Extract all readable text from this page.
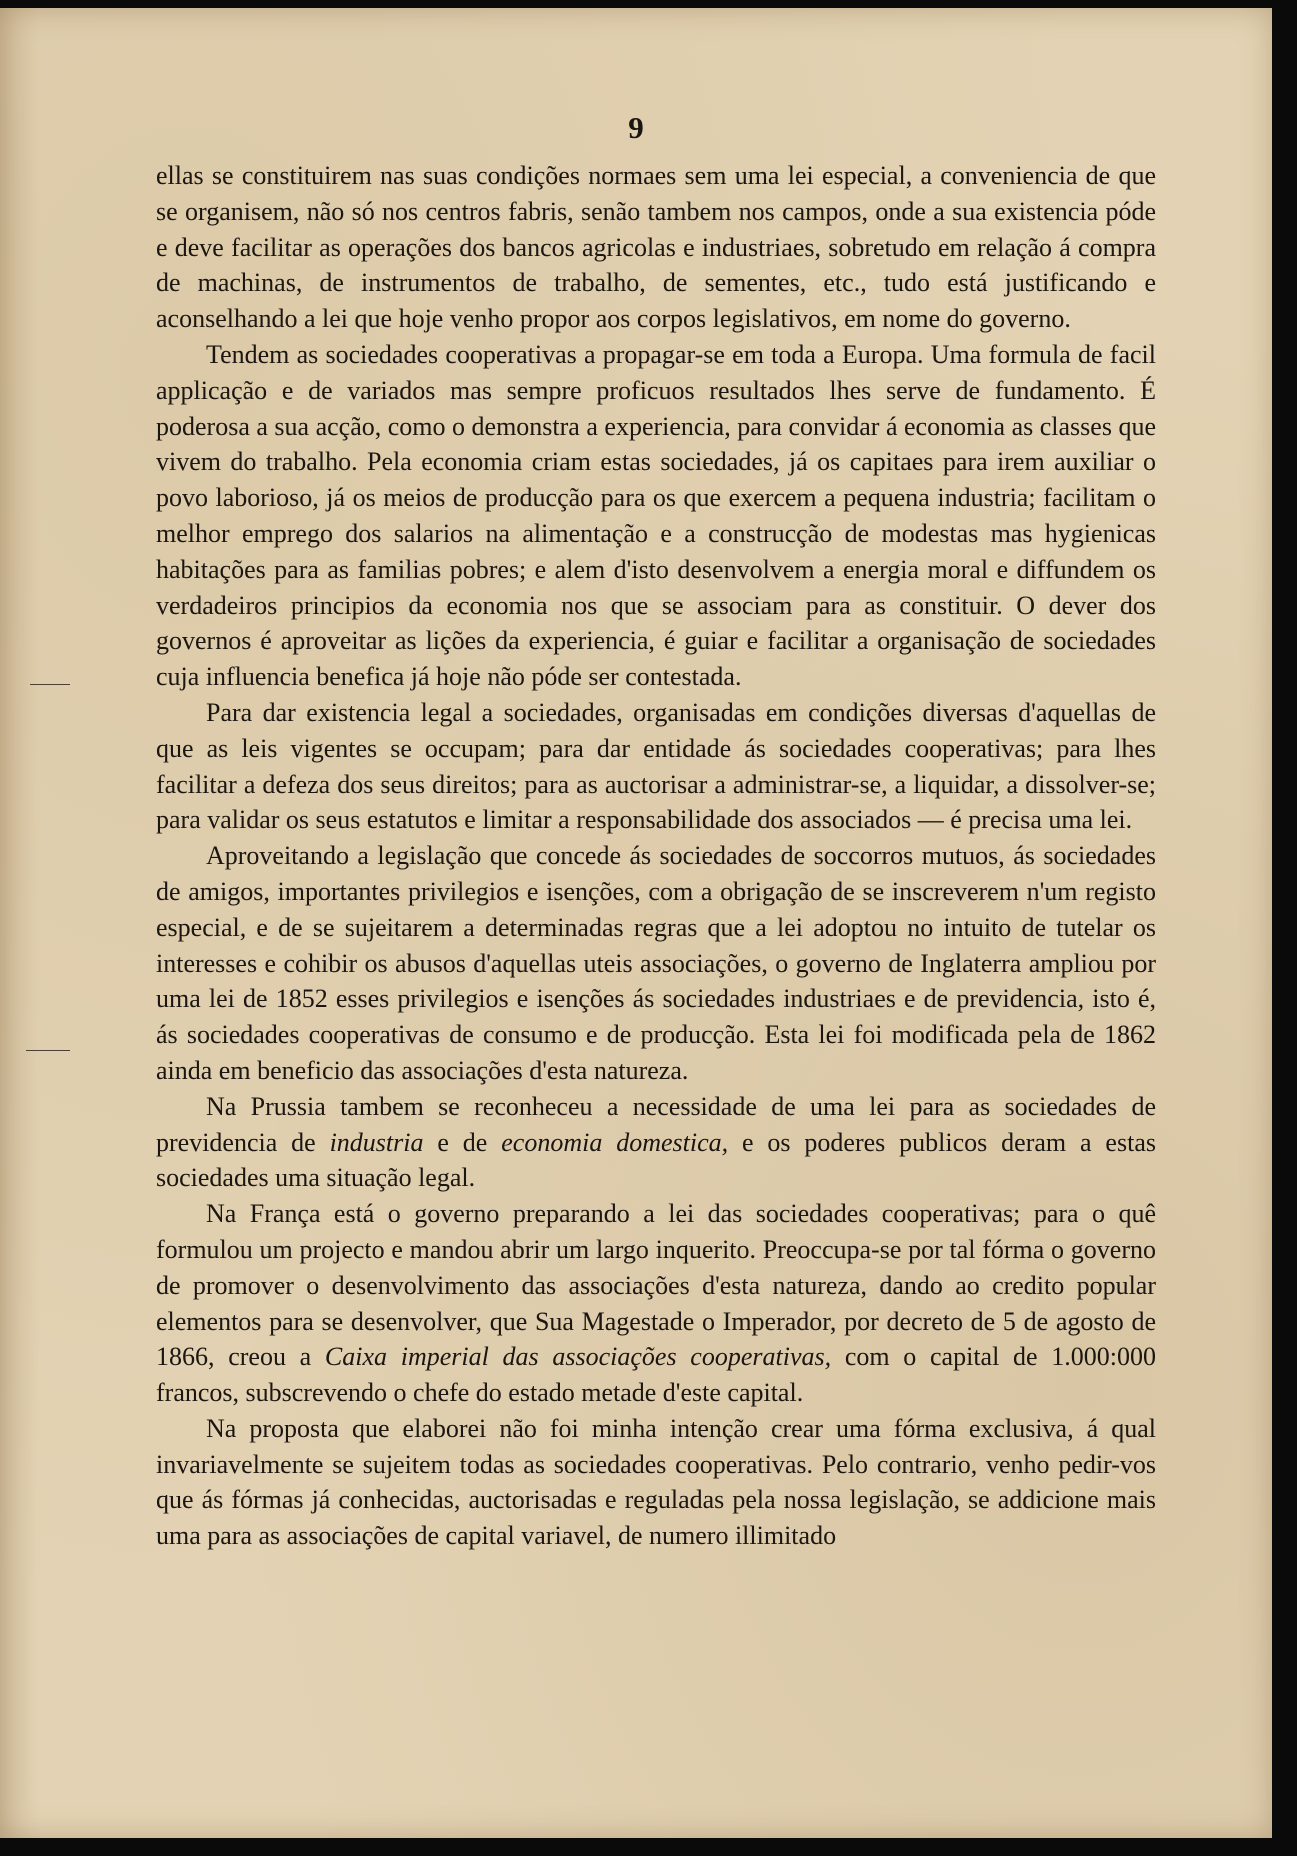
9

ellas se constituirem nas suas condições normaes sem uma lei especial, a conveniencia de que se organisem, não só nos centros fabris, senão tambem nos campos, onde a sua existencia póde e deve facilitar as operações dos bancos agricolas e industriaes, sobretudo em relação á compra de machinas, de instrumentos de trabalho, de sementes, etc., tudo está justificando e aconselhando a lei que hoje venho propor aos corpos legislativos, em nome do governo.

Tendem as sociedades cooperativas a propagar-se em toda a Europa. Uma formula de facil applicação e de variados mas sempre proficuos resultados lhes serve de fundamento. É poderosa a sua acção, como o demonstra a experiencia, para convidar á economia as classes que vivem do trabalho. Pela economia criam estas sociedades, já os capitaes para irem auxiliar o povo laborioso, já os meios de producção para os que exercem a pequena industria; facilitam o melhor emprego dos salarios na alimentação e a construcção de modestas mas hygienicas habitações para as familias pobres; e alem d'isto desenvolvem a energia moral e diffundem os verdadeiros principios da economia nos que se associam para as constituir. O dever dos governos é aproveitar as lições da experiencia, é guiar e facilitar a organisação de sociedades cuja influencia benefica já hoje não póde ser contestada.

Para dar existencia legal a sociedades, organisadas em condições diversas d'aquellas de que as leis vigentes se occupam; para dar entidade ás sociedades cooperativas; para lhes facilitar a defeza dos seus direitos; para as auctorisar a administrar-se, a liquidar, a dissolver-se; para validar os seus estatutos e limitar a responsabilidade dos associados — é precisa uma lei.

Aproveitando a legislação que concede ás sociedades de soccorros mutuos, ás sociedades de amigos, importantes privilegios e isenções, com a obrigação de se inscreverem n'um registo especial, e de se sujeitarem a determinadas regras que a lei adoptou no intuito de tutelar os interesses e cohibir os abusos d'aquellas uteis associações, o governo de Inglaterra ampliou por uma lei de 1852 esses privilegios e isenções ás sociedades industriaes e de previdencia, isto é, ás sociedades cooperativas de consumo e de producção. Esta lei foi modificada pela de 1862 ainda em beneficio das associações d'esta natureza.

Na Prussia tambem se reconheceu a necessidade de uma lei para as sociedades de previdencia de industria e de economia domestica, e os poderes publicos deram a estas sociedades uma situação legal.

Na França está o governo preparando a lei das sociedades cooperativas; para o quê formulou um projecto e mandou abrir um largo inquerito. Preoccupa-se por tal fórma o governo de promover o desenvolvimento das associações d'esta natureza, dando ao credito popular elementos para se desenvolver, que Sua Magestade o Imperador, por decreto de 5 de agosto de 1866, creou a Caixa imperial das associações cooperativas, com o capital de 1.000:000 francos, subscrevendo o chefe do estado metade d'este capital.

Na proposta que elaborei não foi minha intenção crear uma fórma exclusiva, á qual invariavelmente se sujeitem todas as sociedades cooperativas. Pelo contrario, venho pedir-vos que ás fórmas já conhecidas, auctorisadas e reguladas pela nossa legislação, se addicione mais uma para as associações de capital variavel, de numero illimitado
